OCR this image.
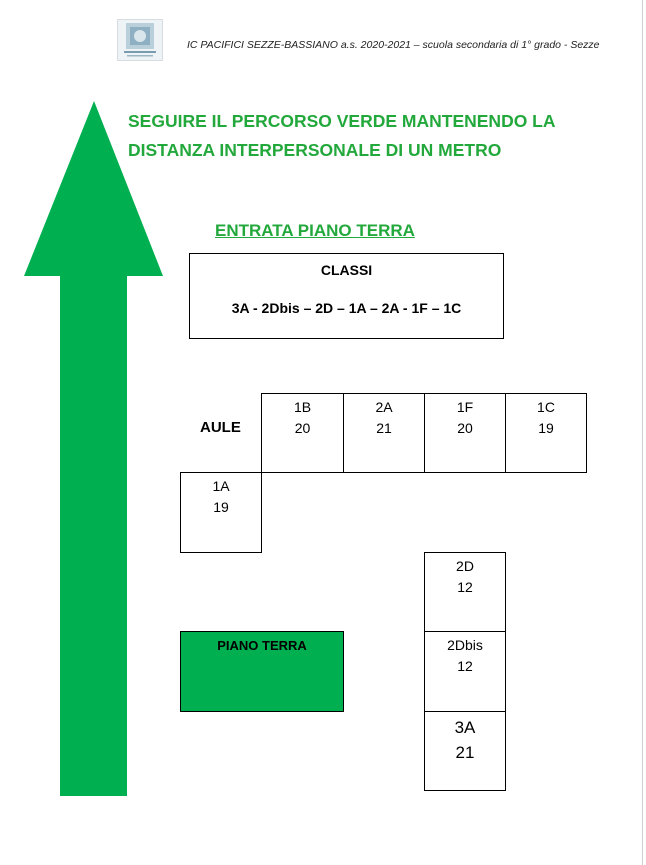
IC PACIFICI SEZZE-BASSIANO a.s. 2020-2021 – scuola secondaria di 1° grado - Sezze
SEGUIRE IL PERCORSO VERDE MANTENENDO LA
DISTANZA INTERPERSONALE DI UN METRO
ENTRATA PIANO TERRA
CLASSI
3A - 2Dbis – 2D – 1A – 2A - 1F – 1C
AULE
1B
20
2A
21
1F
20
1C
19
1A
19
2D
12
2Dbis
12
3A
21
PIANO TERRA
